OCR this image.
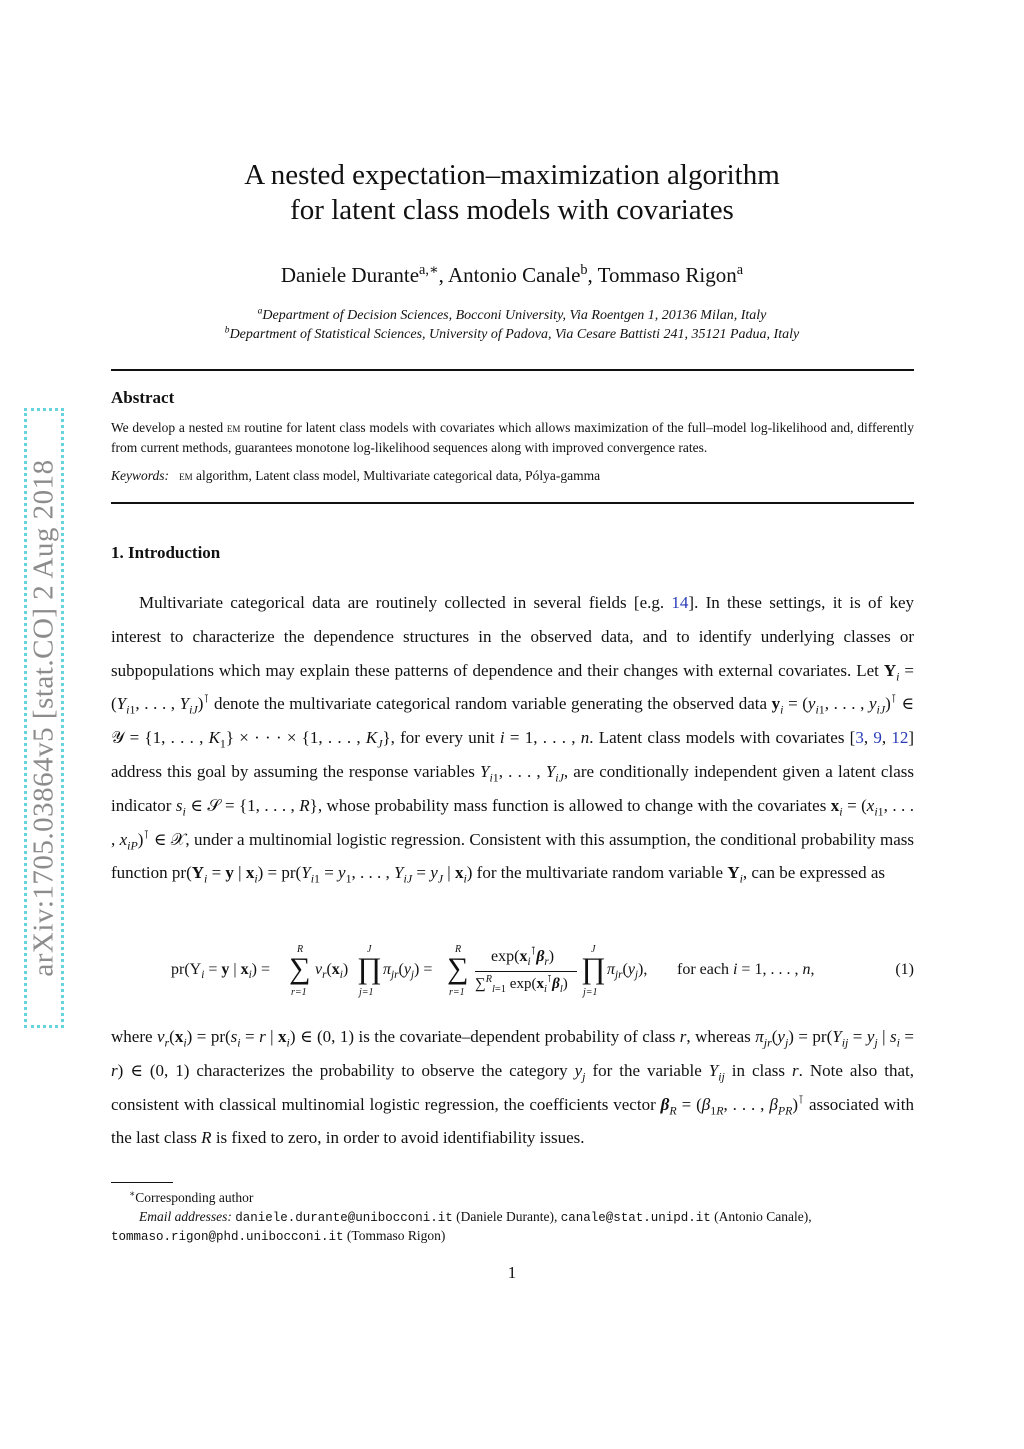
arXiv:1705.03864v5 [stat.CO] 2 Aug 2018
A nested expectation–maximization algorithm
for latent class models with covariates
Daniele Durante$^{a,∗}$, Antonio Canale$^b$, Tommaso Rigon$^a$
$^a$Department of Decision Sciences, Bocconi University, Via Roentgen 1, 20136 Milan, Italy
$^b$Department of Statistical Sciences, University of Padova, Via Cesare Battisti 241, 35121 Padua, Italy
Abstract
We develop a nested em routine for latent class models with covariates which allows maximization of the full–model log-likelihood and, differently from current methods, guarantees monotone log-likelihood sequences along with improved convergence rates.
Keywords: em algorithm, Latent class model, Multivariate categorical data, Pólya-gamma
1. Introduction
Multivariate categorical data are routinely collected in several fields [e.g. 14]. In these settings, it is of key interest to characterize the dependence structures in the observed data, and to identify underlying classes or subpopulations which may explain these patterns of dependence and their changes with external covariates. Let $Y_i = (Y_{i1}$, . . . , $Y_{iJ})^⊺$ denote the multivariate categorical random variable generating the observed data $y_i = (y_{i1}$, . . . , $y_{iJ})^⊺$ ∈ 𝒴 = {1, . . . , $K_1$} × · · · × {1, . . . , $K_J$}, for every unit i = 1, . . . , n. Latent class models with covariates [3, 9, 12] address this goal by assuming the response variables $Y_{i1}$, . . . , $Y_{iJ}$, are conditionally independent given a latent class indicator $s_i$ ∈ 𝒮 = {1, . . . , R}, whose probability mass function is allowed to change with the covariates $x_i = (x_{i1}$, . . . , $x_{iP})^⊺$ ∈ 𝒳, under a multinomial logistic regression. Consistent with this assumption, the conditional probability mass function $pr(Y_i = y$ | $x_i) = pr(Y_{i1} = y_1$, . . . , $Y_{iJ} = y_J$ | $x_i$) for the multivariate random variable $Y_i$, can be expressed as
$pr(Y_i = y$ | $x_i$) =
R
∑
r=1
$\nu_r(x_i)$
J
∏
j=1
$\pi_{jr}(y_j)$ =
R
∑
r=1
$\exp(x_i^⊺\beta_r)$
∑$^R_{l=1}$ $\exp(x_i^⊺\beta_l)$
J
∏
j=1
$\pi_{jr}(y_j)$, for each i = 1, . . . , n,	(1)
where $\nu_r(x_i) = pr(s_i = r$ | $x_i$) ∈ (0, 1) is the covariate–dependent probability of class r, whereas $\pi_{jr}(y_j) = pr(Y_{ij} = y_j$ | $s_i = r$) ∈ (0, 1) characterizes the probability to observe the category $y_j$ for the variable $Y_{ij}$ in class r. Note also that, consistent with classical multinomial logistic regression, the coefficients vector $\beta_R = (\beta_{1R}$, . . . , $\beta_{PR})^⊺$ associated with the last class R is fixed to zero, in order to avoid identifiability issues.
∗Corresponding author
Email addresses: daniele.durante@unibocconi.it (Daniele Durante), canale@stat.unipd.it (Antonio Canale),
tommaso.rigon@phd.unibocconi.it (Tommaso Rigon)
1
